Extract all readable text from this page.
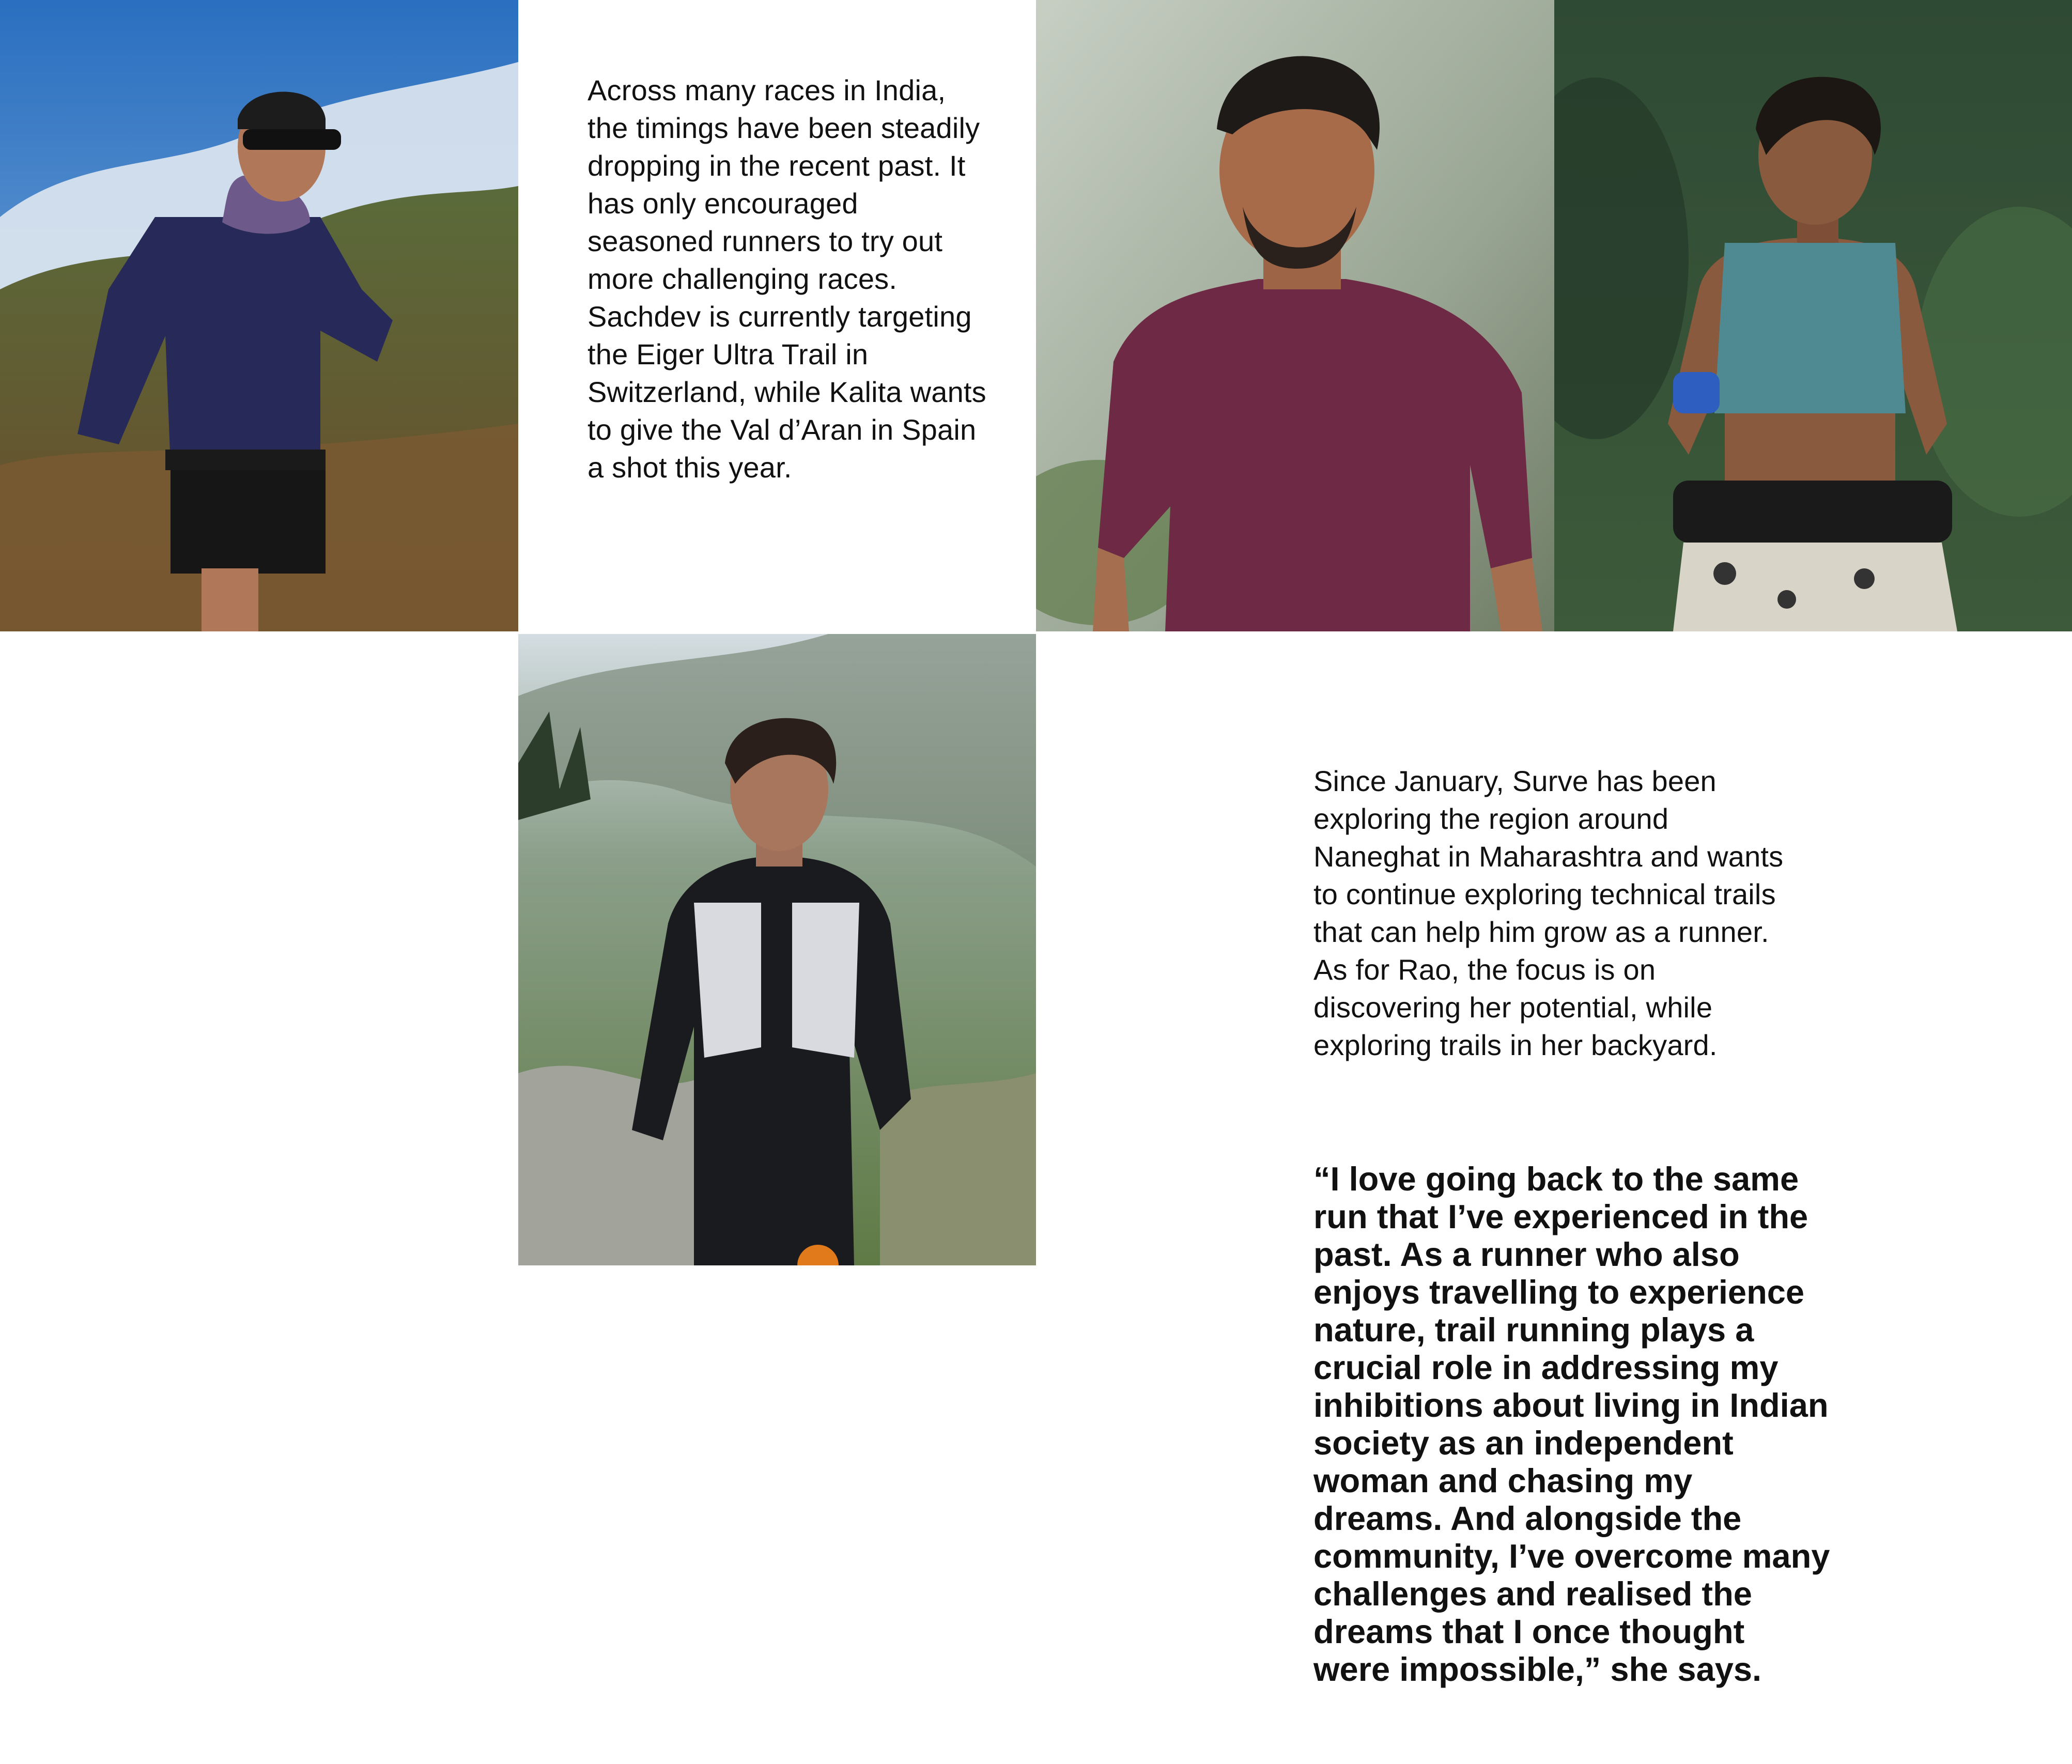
Across many races in India, the timings have been steadily dropping in the recent past. It has only encouraged seasoned runners to try out more challenging races. Sachdev is currently targeting the Eiger Ultra Trail in Switzerland, while Kalita wants to give the Val d’Aran in Spain a shot this year.

Since January, Surve has been exploring the region around Naneghat in Maharashtra and wants to continue exploring technical trails that can help him grow as a runner. As for Rao, the focus is on discovering her potential, while exploring trails in her backyard.

“I love going back to the same run that I’ve experienced in the past. As a runner who also enjoys travelling to experience nature, trail running plays a crucial role in addressing my inhibitions about living in Indian society as an independent woman and chasing my dreams. And alongside the community, I’ve overcome many challenges and realised the dreams that I once thought were impossible,” she says.
